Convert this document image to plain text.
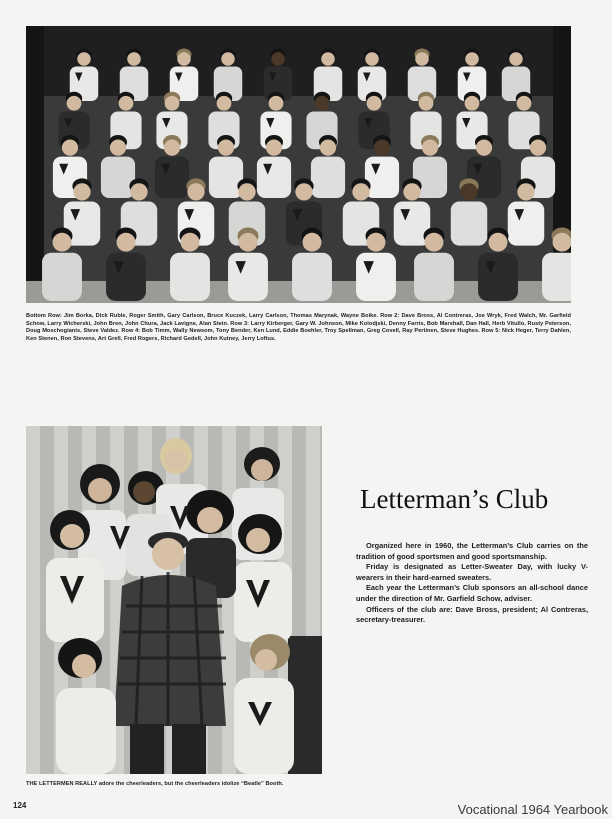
Bottom Row: Jim Borka, Dick Ruble, Roger Smith, Gary Carlson, Bruce Kuczek, Larry Carlson, Thomas Marynak, Wayne Boike. Row 2: Dave Bross, Al Contreras, Joe Wryk, Fred Walch, Mr. Garfield Schow, Larry Wicherski, John Bren, John Chura, Jack Lavigne, Alan Stein. Row 3: Larry Kirberger, Gary W. Johnson, Mike Kolodjski, Denny Farris, Bob Marshall, Dan Hall, Herb Vitullo, Rusty Peterson, Doug Moschogianis, Steve Valdez. Row 4: Bob Timm, Wally Newsom, Tony Bender, Ken Lund, Eddie Boehler, Troy Spellman, Greg Covell, Ray Pertinen, Steve Hughes. Row 5: Nick Heger, Terry Dahlen, Ken Stenen, Ron Stevens, Art Grell, Fred Rogers, Richard Gedell, John Kutney, Jerry Loftus.
THE LETTERMEN REALLY adore the cheerleaders, but the cheerleaders idolize “Beatle” Booth.
Letterman’s Club

Organized here in 1960, the Letterman’s Club carries on the tradition of good sportsmen and good sportsmanship.

Friday is designated as Letter-Sweater Day, with lucky V-wearers in their hard-earned sweaters.

Each year the Letterman’s Club sponsors an all-school dance under the direction of Mr. Garfield Schow, adviser.

Officers of the club are: Dave Bross, president; Al Contreras, secretary-treasurer.

124	Vocational 1964 Yearbook
